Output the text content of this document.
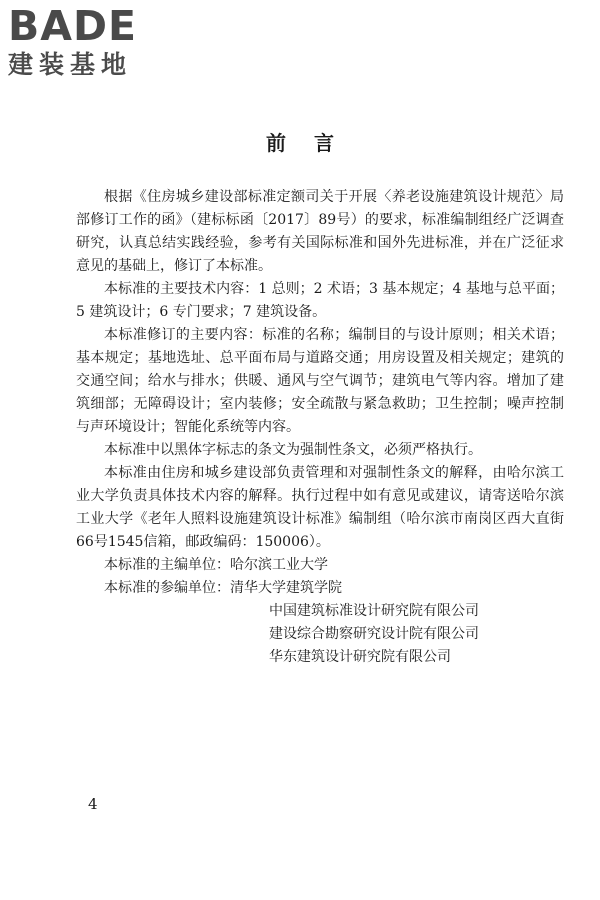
BADE
建装基地
前言

根据《住房城乡建设部标准定额司关于开展〈养老设施建筑设计规范〉局部修订工作的函》（建标标函〔2017〕89号）的要求，标准编制组经广泛调查研究，认真总结实践经验，参考有关国际标准和国外先进标准，并在广泛征求意见的基础上，修订了本标准。

本标准的主要技术内容：1 总则；2 术语；3 基本规定；4 基地与总平面；5 建筑设计；6 专门要求；7 建筑设备。

本标准修订的主要内容：标准的名称；编制目的与设计原则；相关术语；基本规定；基地选址、总平面布局与道路交通；用房设置及相关规定；建筑的交通空间；给水与排水；供暖、通风与空气调节；建筑电气等内容。增加了建筑细部；无障碍设计；室内装修；安全疏散与紧急救助；卫生控制；噪声控制与声环境设计；智能化系统等内容。

本标准中以黑体字标志的条文为强制性条文，必须严格执行。

本标准由住房和城乡建设部负责管理和对强制性条文的解释，由哈尔滨工业大学负责具体技术内容的解释。执行过程中如有意见或建议，请寄送哈尔滨工业大学《老年人照料设施建筑设计标准》编制组（哈尔滨市南岗区西大直街66号1545信箱，邮政编码：150006）。

本标准的主编单位：哈尔滨工业大学

本标准的参编单位：清华大学建筑学院
中国建筑标准设计研究院有限公司
建设综合勘察研究设计院有限公司
华东建筑设计研究院有限公司
4
